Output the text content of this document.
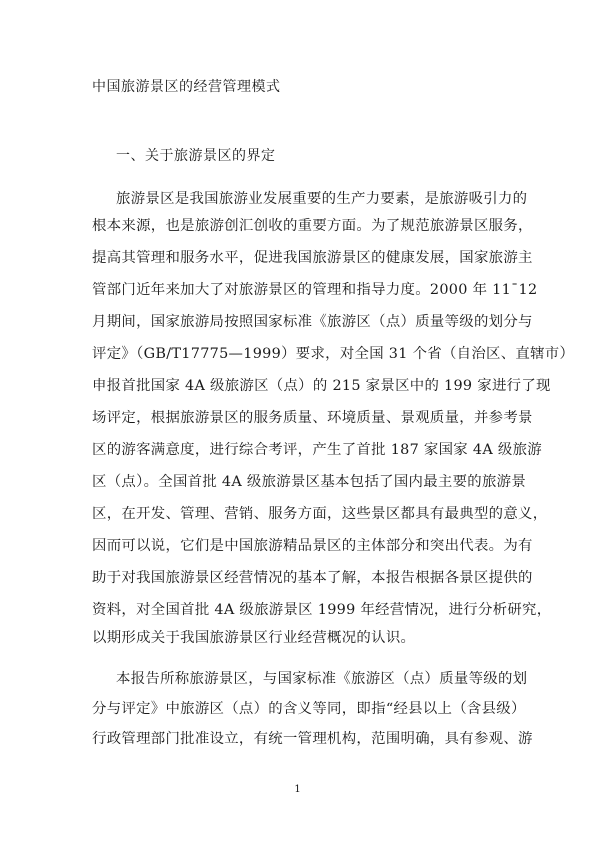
中国旅游景区的经营管理模式
一、关于旅游景区的界定
旅游景区是我国旅游业发展重要的生产力要素，是旅游吸引力的
根本来源，也是旅游创汇创收的重要方面。为了规范旅游景区服务，
提高其管理和服务水平，促进我国旅游景区的健康发展，国家旅游主
管部门近年来加大了对旅游景区的管理和指导力度。2000 年 11¯12
月期间，国家旅游局按照国家标准《旅游区（点）质量等级的划分与
评定》（GB/T17775—1999）要求，对全国 31 个省（自治区、直辖市）
申报首批国家 4A 级旅游区（点）的 215 家景区中的 199 家进行了现
场评定，根据旅游景区的服务质量、环境质量、景观质量，并参考景
区的游客满意度，进行综合考评，产生了首批 187 家国家 4A 级旅游
区（点）。全国首批 4A 级旅游景区基本包括了国内最主要的旅游景
区，在开发、管理、营销、服务方面，这些景区都具有最典型的意义，
因而可以说，它们是中国旅游精品景区的主体部分和突出代表。为有
助于对我国旅游景区经营情况的基本了解，本报告根据各景区提供的
资料，对全国首批 4A 级旅游景区 1999 年经营情况，进行分析研究，
以期形成关于我国旅游景区行业经营概况的认识。
本报告所称旅游景区，与国家标准《旅游区（点）质量等级的划
分与评定》中旅游区（点）的含义等同，即指“经县以上（含县级）
行政管理部门批准设立，有统一管理机构，范围明确，具有参观、游
1
